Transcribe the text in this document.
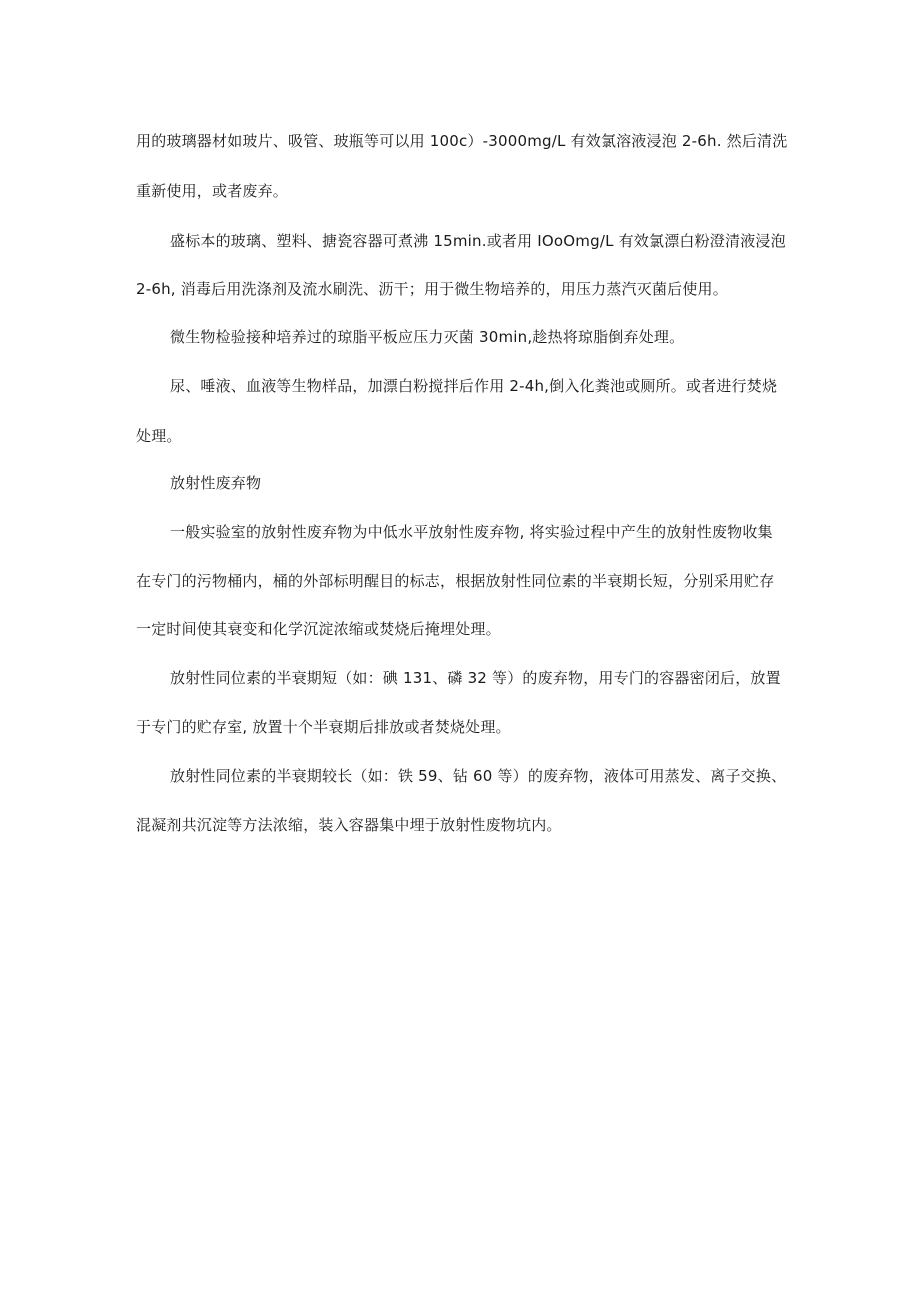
用的玻璃器材如玻片、吸管、玻瓶等可以用 100c）-3000mg∕L 有效氯溶液浸泡 2-6h. 然后清洗
重新使用，或者废弃。
盛标本的玻璃、塑料、搪瓷容器可煮沸 15min.或者用 IOoOmg/L 有效氯漂白粉澄清液浸泡
2-6h, 消毒后用洗涤剂及流水刷洗、沥干；用于微生物培养的，用压力蒸汽灭菌后使用。
微生物检验接种培养过的琼脂平板应压力灭菌 30min,趁热将琼脂倒弃处理。
尿、唾液、血液等生物样品，加漂白粉搅拌后作用 2-4h,倒入化粪池或厕所。或者进行焚烧
处理。
放射性废弃物
一般实验室的放射性废弃物为中低水平放射性废弃物, 将实验过程中产生的放射性废物收集
在专门的污物桶内，桶的外部标明醒目的标志，根据放射性同位素的半衰期长短，分别采用贮存
一定时间使其衰变和化学沉淀浓缩或焚烧后掩埋处理。
放射性同位素的半衰期短（如：碘 131、磷 32 等）的废弃物，用专门的容器密闭后，放置
于专门的贮存室, 放置十个半衰期后排放或者焚烧处理。
放射性同位素的半衰期较长（如：铁 59、钻 60 等）的废弃物，液体可用蒸发、离子交换、
混凝剂共沉淀等方法浓缩，装入容器集中埋于放射性废物坑内。
